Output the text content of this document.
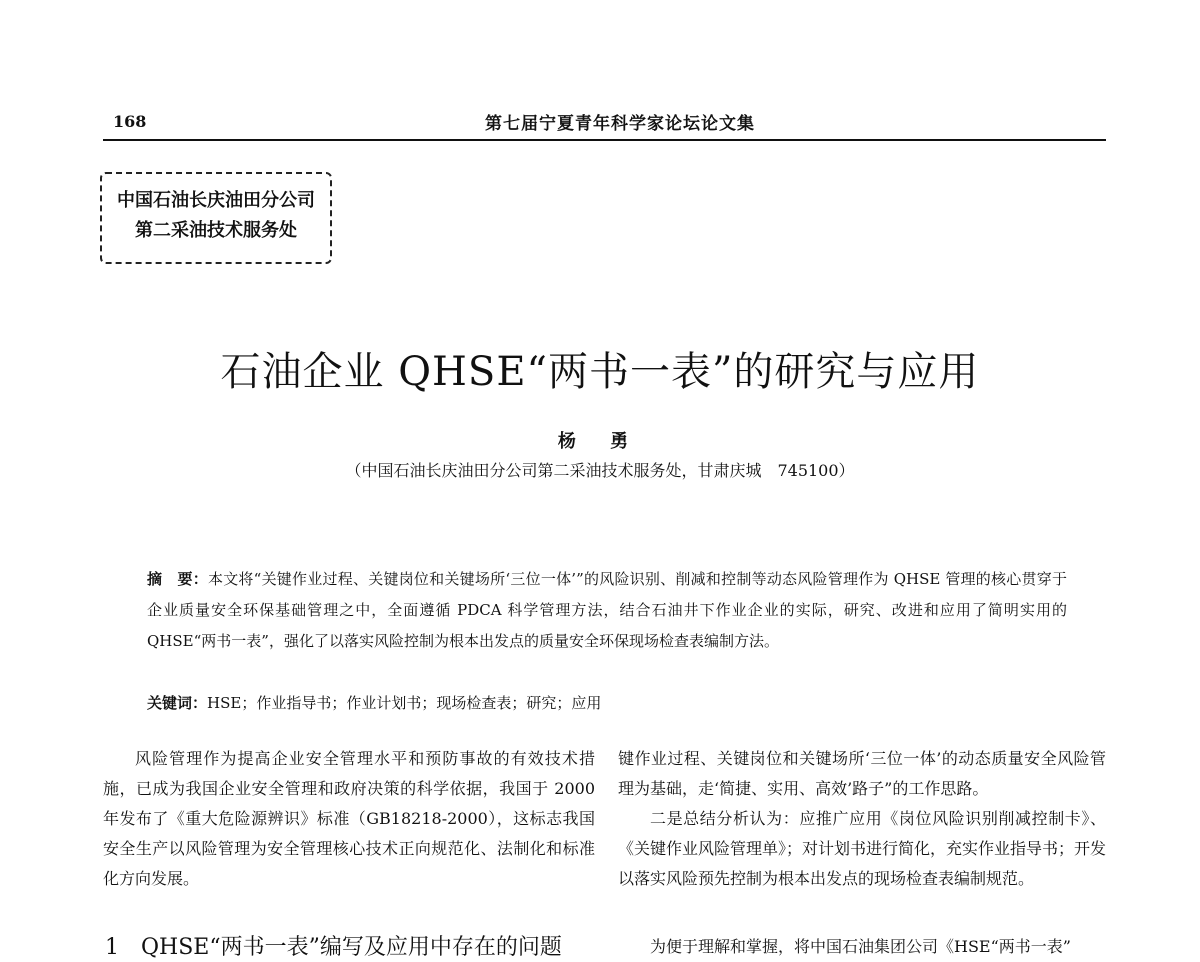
168	第七届宁夏青年科学家论坛论文集
中国石油长庆油田分公司
第二采油技术服务处
石油企业 QHSE“两书一表”的研究与应用
杨 勇
（中国石油长庆油田分公司第二采油技术服务处，甘肃庆城　745100）
摘　要：本文将“关键作业过程、关键岗位和关键场所‘三位一体’”的风险识别、削减和控制等动态风险管理作为 QHSE 管理的核心贯穿于企业质量安全环保基础管理之中，全面遵循 PDCA 科学管理方法，结合石油井下作业企业的实际，研究、改进和应用了简明实用的 QHSE“两书一表”，强化了以落实风险控制为根本出发点的质量安全环保现场检查表编制方法。
关键词：HSE；作业指导书；作业计划书；现场检查表；研究；应用

风险管理作为提高企业安全管理水平和预防事故的有效技术措施，已成为我国企业安全管理和政府决策的科学依据，我国于 2000 年发布了《重大危险源辨识》标准（GB18218-2000），这标志我国安全生产以风险管理为安全管理核心技术正向规范化、法制化和标准化方向发展。

1　QHSE“两书一表”编写及应用中存在的问题

键作业过程、关键岗位和关键场所‘三位一体’的动态质量安全风险管理为基础，走‘简捷、实用、高效’路子”的工作思路。

二是总结分析认为：应推广应用《岗位风险识别削减控制卡》、《关键作业风险管理单》；对计划书进行简化，充实作业指导书；开发以落实风险预先控制为根本出发点的现场检查表编制规范。

为便于理解和掌握，将中国石油集团公司《HSE“两书一表”
